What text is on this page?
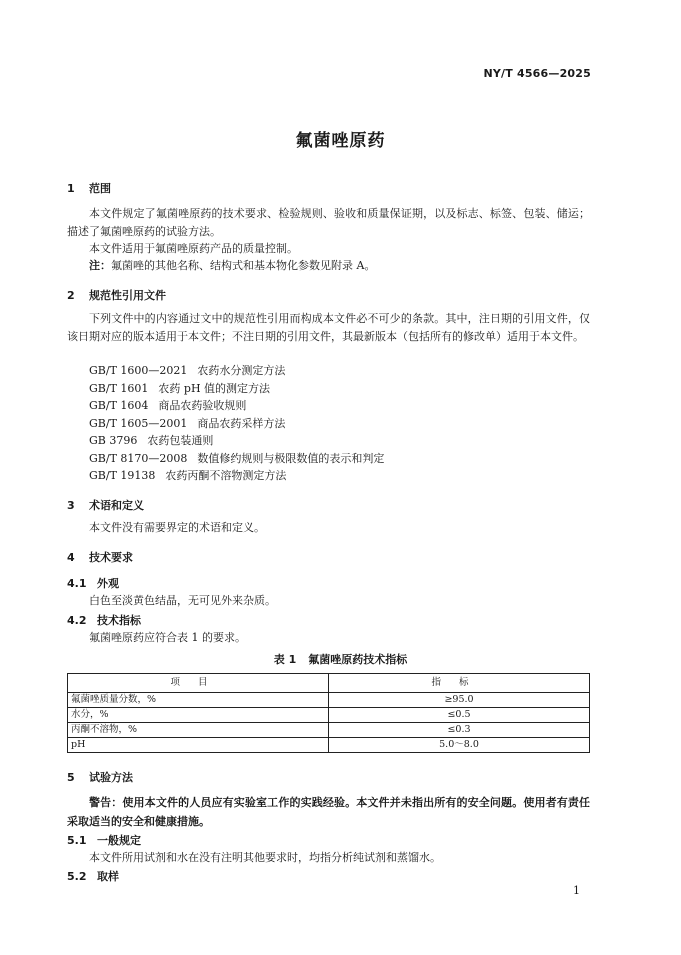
NY/T 4566—2025
氟菌唑原药
1 范围
本文件规定了氟菌唑原药的技术要求、检验规则、验收和质量保证期，以及标志、标签、包装、储运；描述了氟菌唑原药的试验方法。
本文件适用于氟菌唑原药产品的质量控制。
注：氟菌唑的其他名称、结构式和基本物化参数见附录 A。
2 规范性引用文件
下列文件中的内容通过文中的规范性引用而构成本文件必不可少的条款。其中，注日期的引用文件，仅该日期对应的版本适用于本文件；不注日期的引用文件，其最新版本（包括所有的修改单）适用于本文件。
GB/T 1600—2021 农药水分测定方法
GB/T 1601 农药 pH 值的测定方法
GB/T 1604 商品农药验收规则
GB/T 1605—2001 商品农药采样方法
GB 3796 农药包装通则
GB/T 8170—2008 数值修约规则与极限数值的表示和判定
GB/T 19138 农药丙酮不溶物测定方法
3 术语和定义
本文件没有需要界定的术语和定义。
4 技术要求
4.1 外观
白色至淡黄色结晶，无可见外来杂质。
4.2 技术指标
氟菌唑原药应符合表 1 的要求。
表 1 氟菌唑原药技术指标
项目	指标
氟菌唑质量分数，%	≥95.0
水分，%	≤0.5
丙酮不溶物，%	≤0.3
pH	5.0～8.0
5 试验方法
警告：使用本文件的人员应有实验室工作的实践经验。本文件并未指出所有的安全问题。使用者有责任采取适当的安全和健康措施。
5.1 一般规定
本文件所用试剂和水在没有注明其他要求时，均指分析纯试剂和蒸馏水。
5.2 取样
1
